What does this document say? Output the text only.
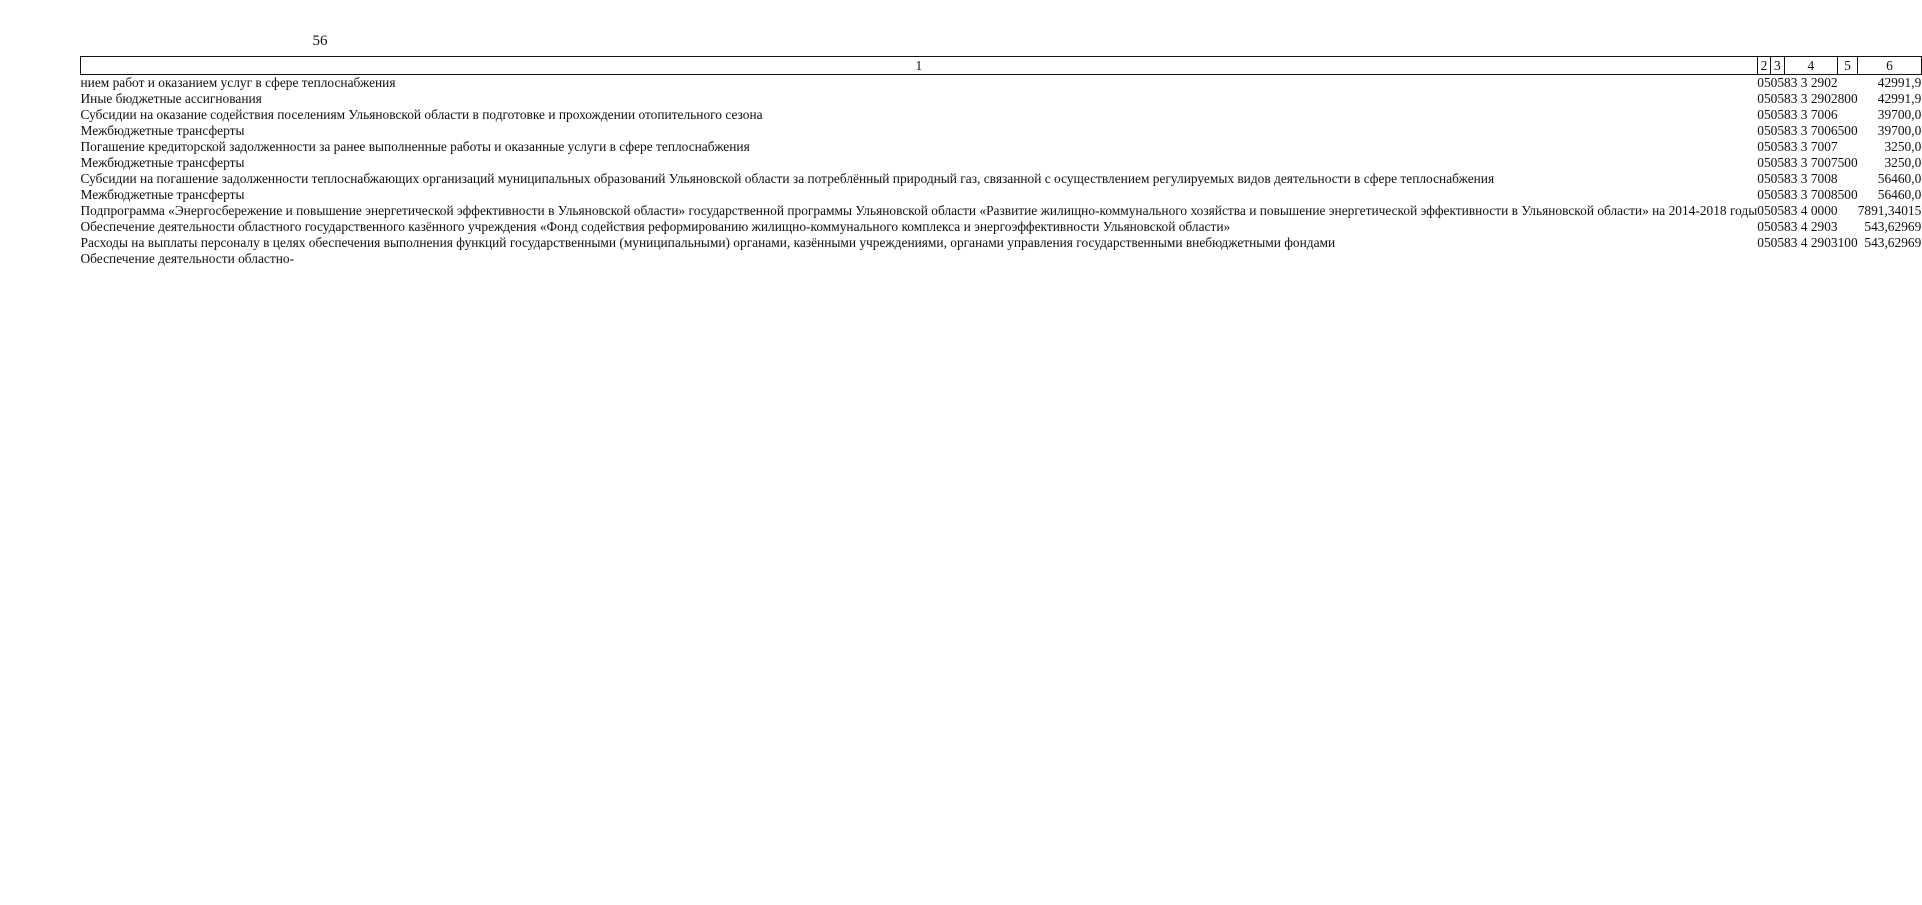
56
1	2	3	4	5	6
нием работ и оказанием услуг в сфере теплоснабжения	05	05	83 3 2902		42991,9
Иные бюджетные ассигнования	05	05	83 3 2902	800	42991,9
Субсидии на оказание содействия поселениям Ульяновской области в подготовке и прохождении отопительного сезона	05	05	83 3 7006		39700,0
Межбюджетные трансферты	05	05	83 3 7006	500	39700,0
Погашение кредиторской задолженности за ранее выполненные работы и оказанные услуги в сфере теплоснабжения	05	05	83 3 7007		3250,0
Межбюджетные трансферты	05	05	83 3 7007	500	3250,0
Субсидии на погашение задолженности теплоснабжающих организаций муниципальных образований Ульяновской области за потреблённый природный газ, связанной с осуществлением регулируемых видов деятельности в сфере теплоснабжения	05	05	83 3 7008		56460,0
Межбюджетные трансферты	05	05	83 3 7008	500	56460,0
Подпрограмма «Энергосбережение и повышение энергетической эффективности в Ульяновской области» государственной программы Ульяновской области «Развитие жилищно-коммунального хозяйства и повышение энергетической эффективности в Ульяновской области» на 2014-2018 годы	05	05	83 4 0000		7891,34015
Обеспечение деятельности областного государственного казённого учреждения «Фонд содействия реформированию жилищно-коммунального комплекса и энергоэффективности Ульяновской области»	05	05	83 4 2903		543,62969
Расходы на выплаты персоналу в целях обеспечения выполнения функций государственными (муниципальными) органами, казёнными учреждениями, органами управления государственными внебюджетными фондами	05	05	83 4 2903	100	543,62969
Обеспечение деятельности областно-					
